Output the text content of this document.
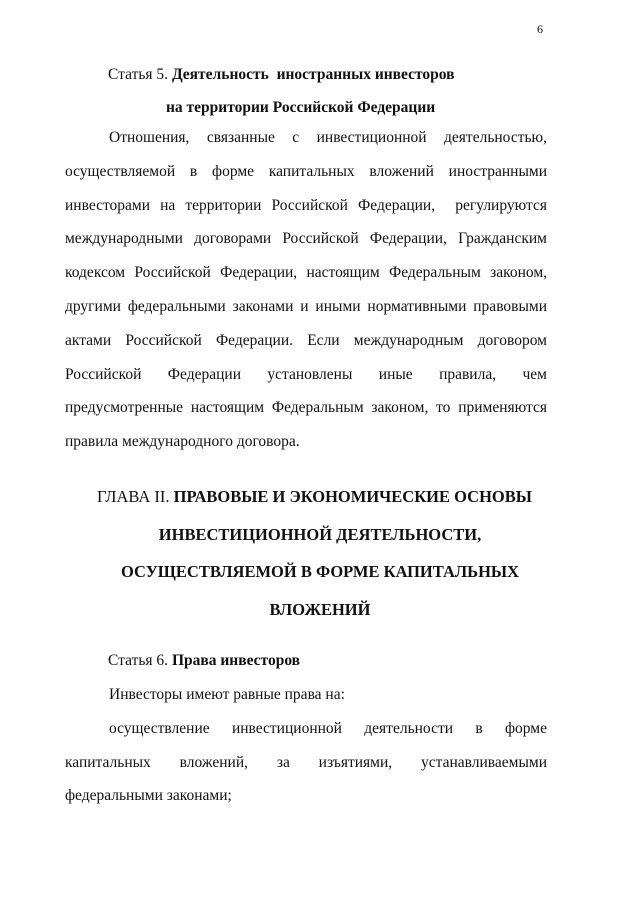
6
Статья 5. Деятельность  иностранных инвесторов
на территории Российской Федерации
Отношения, связанные с инвестиционной деятельностью,
осуществляемой в форме капитальных вложений иностранными
инвесторами на территории Российской Федерации,  регулируются
международными договорами Российской Федерации, Гражданским
кодексом Российской Федерации, настоящим Федеральным законом,
другими федеральными законами и иными нормативными правовыми
актами Российской Федерации. Если международным договором
Российской Федерации установлены иные правила, чем
предусмотренные настоящим Федеральным законом, то применяются
правила международного договора.
ГЛАВА II. ПРАВОВЫЕ И ЭКОНОМИЧЕСКИЕ ОСНОВЫ
ИНВЕСТИЦИОННОЙ ДЕЯТЕЛЬНОСТИ,
ОСУЩЕСТВЛЯЕМОЙ В ФОРМЕ КАПИТАЛЬНЫХ
ВЛОЖЕНИЙ
Статья 6. Права инвесторов
Инвесторы имеют равные права на:
осуществление инвестиционной деятельности в форме
капитальных вложений, за изъятиями, устанавливаемыми
федеральными законами;
